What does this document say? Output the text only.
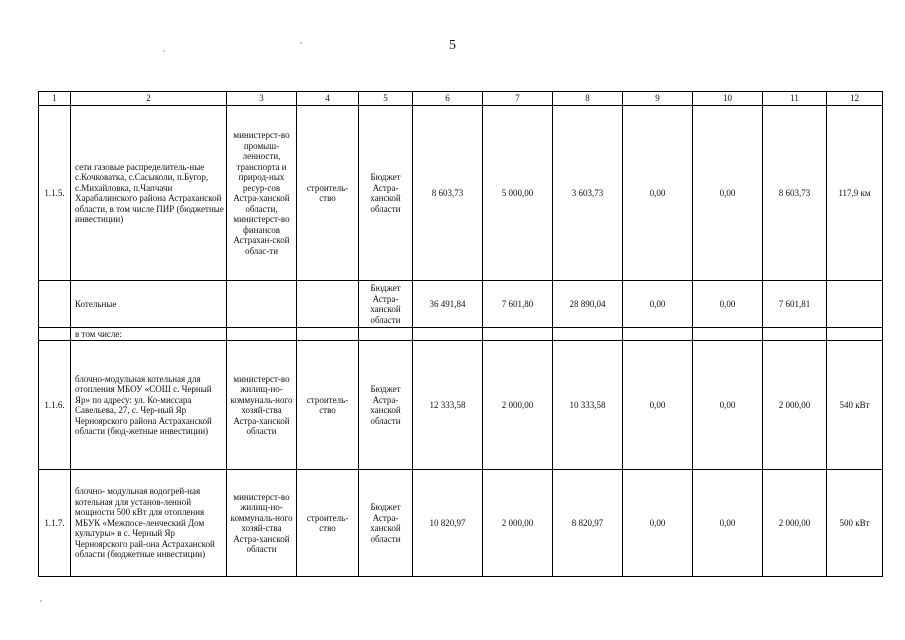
5
1	2	3	4	5	6	7	8	9	10	11	12
1.1.5.	сети газовые распределитель-ные с.Кочковатка, с.Сасыколи, п.Бугор, с.Михайловка, п.Чапчачи Харабалинского района Астраханской области, в том числе ПИР (бюджетные инвестиции)	министерст-во промыш-ленности, транспорта и природ-ных ресур-сов Астра-ханской области, министерст-во финансов Астрахан-ской облас-ти	строитель-ство	Бюджет Астра-ханской области	8 603,73	5 000,00	3 603,73	0,00	0,00	8 603,73	117,9 км
	Котельные			Бюджет Астра-ханской области	36 491,84	7 601,80	28 890,04	0,00	0,00	7 601,81	
	в том числе:										
1.1.6.	блочно-модульная котельная для отопления МБОУ «СОШ с. Черный Яр» по адресу: ул. Ко-миссара Савельева, 27, с. Чер-ный Яр Черноярского района Астраханской области (бюд-жетные инвестиции)	министерст-во жилищ-но-коммуналь-ного хозяй-ства Астра-ханской области	строитель-ство	Бюджет Астра-ханской области	12 333,58	2 000,00	10 333,58	0,00	0,00	2 000,00	540 кВт
1.1.7.	блочно- модульная водогрей-ная котельная для установ-ленной мощности 500 кВт для отопления МБУК «Межпосе-ленческий Дом культуры» в с. Черный Яр Черноярского рай-она Астраханской области (бюджетные инвестиции)	министерст-во жилищ-но-коммуналь-ного хозяй-ства Астра-ханской области	строитель-ство	Бюджет Астра-ханской области	10 820,97	2 000,00	8 820,97	0,00	0,00	2 000,00	500 кВт
